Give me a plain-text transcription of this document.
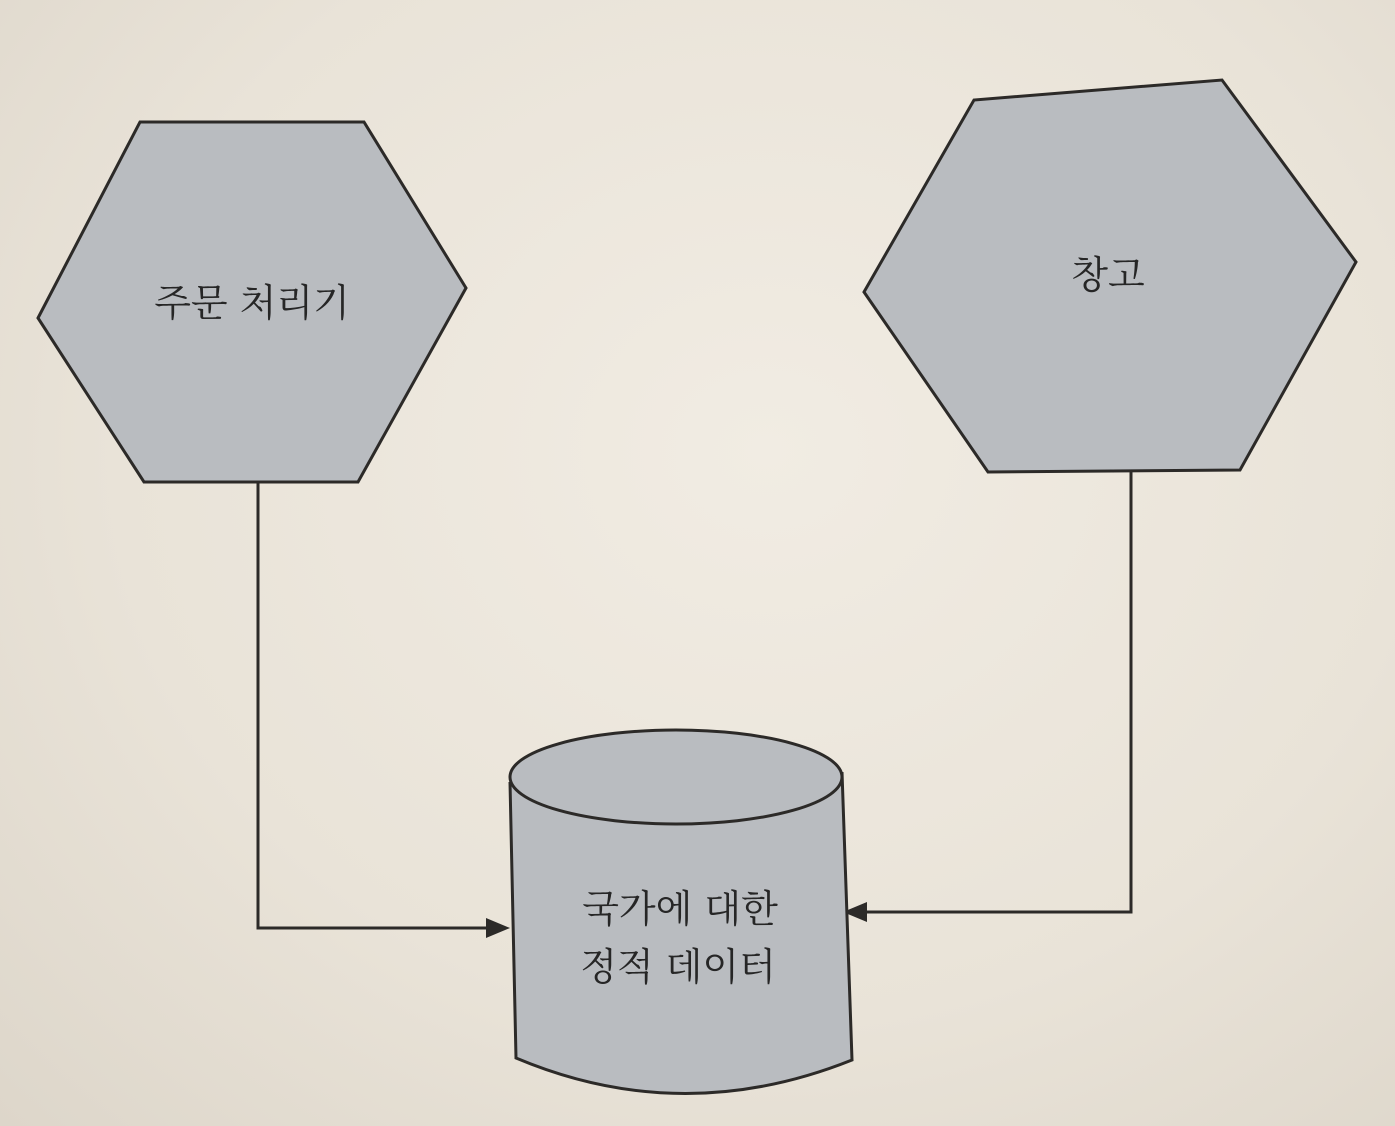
주문 처리기
창고
국가에 대한
정적 데이터
